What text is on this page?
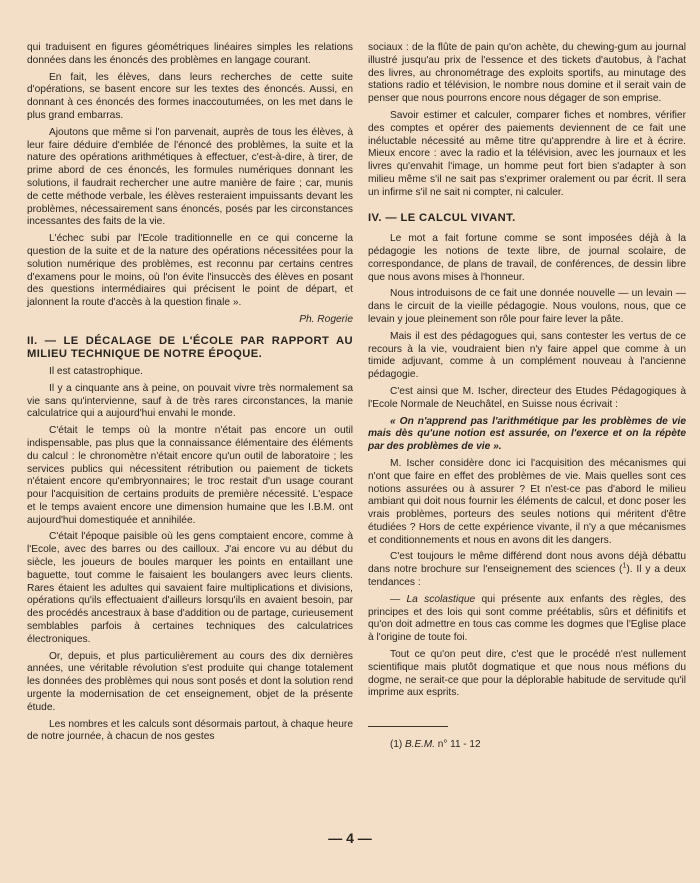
qui traduisent en figures géométriques linéaires simples les relations données dans les énoncés des problèmes en langage courant.

En fait, les élèves, dans leurs recherches de cette suite d'opérations, se basent encore sur les textes des énoncés. Aussi, en donnant à ces énoncés des formes inaccoutumées, on les met dans le plus grand embarras.

Ajoutons que même si l'on parvenait, auprès de tous les élèves, à leur faire déduire d'emblée de l'énoncé des problèmes, la suite et la nature des opérations arithmétiques à effectuer, c'est-à-dire, à tirer, de prime abord de ces énoncés, les formules numériques donnant les solutions, il faudrait rechercher une autre manière de faire ; car, munis de cette méthode verbale, les élèves resteraient impuissants devant les problèmes, nécessairement sans énoncés, posés par les circonstances incessantes des faits de la vie.

L'échec subi par l'Ecole traditionnelle en ce qui concerne la question de la suite et de la nature des opérations nécessitées pour la solution numérique des problèmes, est reconnu par certains centres d'examens pour le moins, où l'on évite l'insuccès des élèves en posant des questions intermédiaires qui précisent le point de départ, et jalonnent la route d'accès à la question finale ».

Ph. Rogerie

II. — LE DÉCALAGE DE L'ÉCOLE PAR RAPPORT AU MILIEU TECHNIQUE DE NOTRE ÉPOQUE.

Il est catastrophique.

Il y a cinquante ans à peine, on pouvait vivre très normalement sa vie sans qu'intervienne, sauf à de très rares circonstances, la manie calculatrice qui a aujourd'hui envahi le monde.

C'était le temps où la montre n'était pas encore un outil indispensable, pas plus que la connaissance élémentaire des éléments du calcul : le chronomètre n'était encore qu'un outil de laboratoire ; les services publics qui nécessitent rétribution ou paiement de tickets n'étaient encore qu'embryonnaires; le troc restait d'un usage courant pour l'acquisition de certains produits de première nécessité. L'espace et le temps avaient encore une dimension humaine que les I.B.M. ont aujourd'hui domestiquée et annihilée.

C'était l'époque paisible où les gens comptaient encore, comme à l'Ecole, avec des barres ou des cailloux. J'ai encore vu au début du siècle, les joueurs de boules marquer les points en entaillant une baguette, tout comme le faisaient les boulangers avec leurs clients. Rares étaient les adultes qui savaient faire multiplications et divisions, opérations qu'ils effectuaient d'ailleurs lorsqu'ils en avaient besoin, par des procédés ancestraux à base d'addition ou de partage, curieusement semblables parfois à certaines techniques des calculatrices électroniques.

Or, depuis, et plus particulièrement au cours des dix dernières années, une véritable révolution s'est produite qui change totalement les données des problèmes qui nous sont posés et dont la solution rend urgente la modernisation de cet enseignement, objet de la présente étude.

Les nombres et les calculs sont désormais partout, à chaque heure de notre journée, à chacun de nos gestes

sociaux : de la flûte de pain qu'on achète, du chewing-gum au journal illustré jusqu'au prix de l'essence et des tickets d'autobus, à l'achat des livres, au chronométrage des exploits sportifs, au minutage des stations radio et télévision, le nombre nous domine et il serait vain de penser que nous pourrons encore nous dégager de son emprise.

Savoir estimer et calculer, comparer fiches et nombres, vérifier des comptes et opérer des paiements deviennent de ce fait une inéluctable nécessité au même titre qu'apprendre à lire et à écrire. Mieux encore : avec la radio et la télévision, avec les journaux et les livres qu'envahit l'image, un homme peut fort bien s'adapter à son milieu même s'il ne sait pas s'exprimer oralement ou par écrit. Il sera un infirme s'il ne sait ni compter, ni calculer.

IV. — LE CALCUL VIVANT.

Le mot a fait fortune comme se sont imposées déjà à la pédagogie les notions de texte libre, de journal scolaire, de correspondance, de plans de travail, de conférences, de dessin libre que nous avons mises à l'honneur.

Nous introduisons de ce fait une donnée nouvelle — un levain — dans le circuit de la vieille pédagogie. Nous voulons, nous, que ce levain y joue pleinement son rôle pour faire lever la pâte.

Mais il est des pédagogues qui, sans contester les vertus de ce recours à la vie, voudraient bien n'y faire appel que comme à un timide adjuvant, comme à un complément nouveau à l'ancienne pédagogie.

C'est ainsi que M. Ischer, directeur des Etudes Pédagogiques à l'Ecole Normale de Neuchâtel, en Suisse nous écrivait :

« On n'apprend pas l'arithmétique par les problèmes de vie mais dès qu'une notion est assurée, on l'exerce et on la répète par des problèmes de vie ».

M. Ischer considère donc ici l'acquisition des mécanismes qui n'ont que faire en effet des problèmes de vie. Mais quelles sont ces notions assurées ou à assurer ? Et n'est-ce pas d'abord le milieu ambiant qui doit nous fournir les éléments de calcul, et donc poser les vrais problèmes, porteurs des seules notions qui méritent d'être étudiées ? Hors de cette expérience vivante, il n'y a que mécanismes et conditionnements et nous en avons dit les dangers.

C'est toujours le même différend dont nous avons déjà débattu dans notre brochure sur l'enseignement des sciences ($^1$). Il y a deux tendances :

— La scolastique qui présente aux enfants des règles, des principes et des lois qui sont comme préétablis, sûrs et définitifs et qu'on doit admettre en tous cas comme les dogmes que l'Eglise place à l'origine de toute foi.

Tout ce qu'on peut dire, c'est que le procédé n'est nullement scientifique mais plutôt dogmatique et que nous nous méfions du dogme, ne serait-ce que pour la déplorable habitude de servitude qu'il imprime aux esprits.

(1) B.E.M. n° 11 - 12

— 4 —
